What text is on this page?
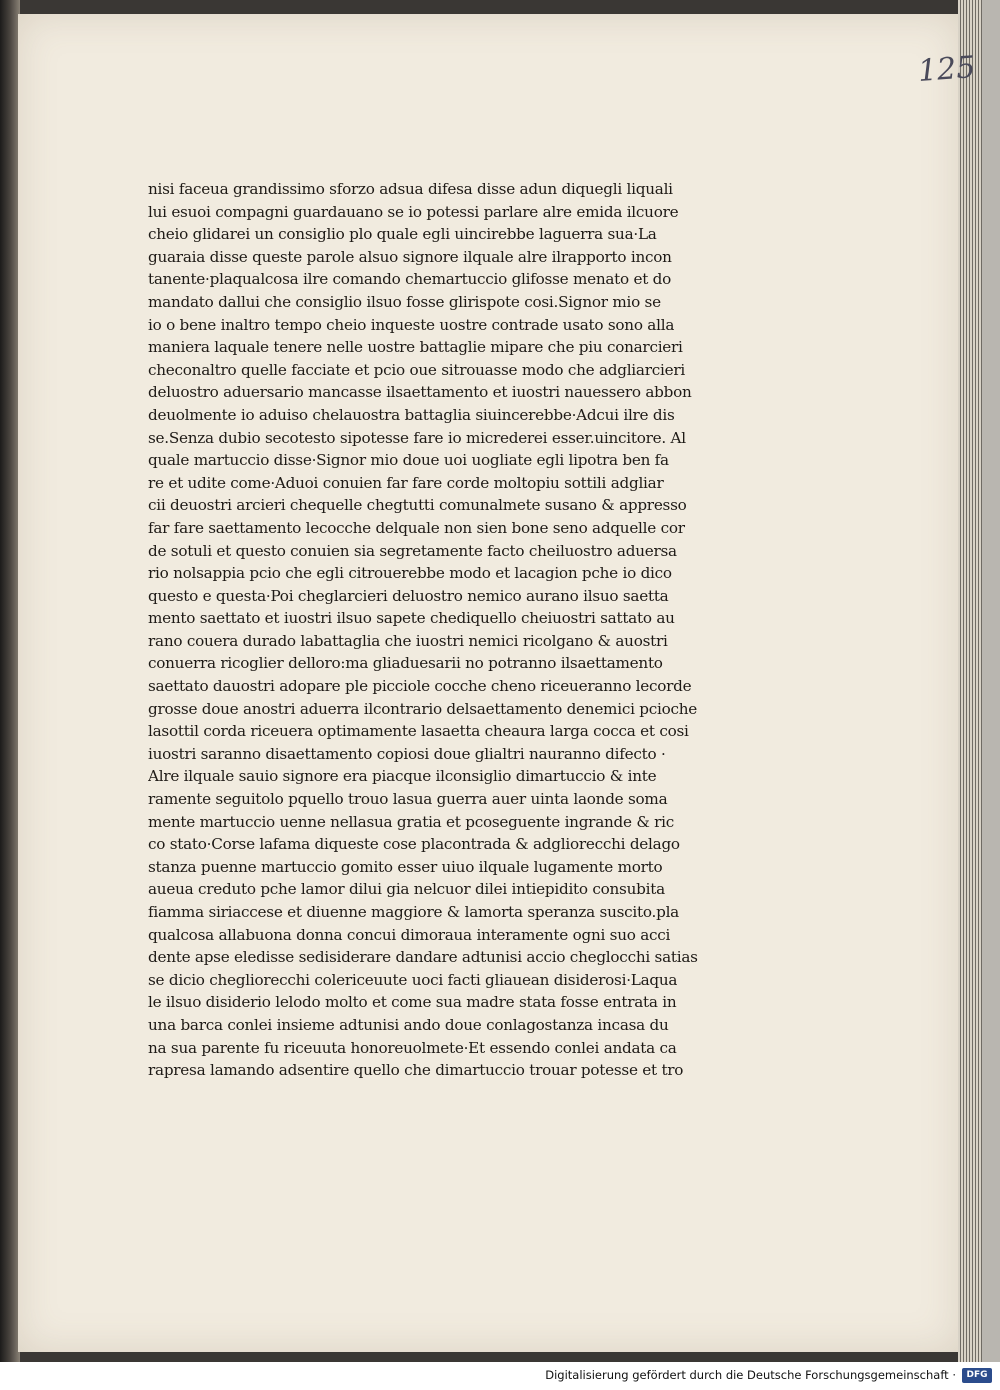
125
nisi faceua grandissimo sforzo adsua difesa disse adun diquegli liquali
lui esuoi compagni guardauano se io potessi parlare alre emida ilcuore
cheio glidarei un consiglio plo quale egli uincirebbe laguerra sua·La
guaraia disse queste parole alsuo signore ilquale alre ilrapporto incon
tanente·plaqualcosa ilre comando chemartuccio glifosse menato et do
mandato dallui che consiglio ilsuo fosse glirispote cosi.Signor mio se
io o bene inaltro tempo cheio inqueste uostre contrade usato sono alla
maniera laquale tenere nelle uostre battaglie mipare che piu conarcieri
checonaltro quelle facciate et pcio oue sitrouasse modo che adgliarcieri
deluostro aduersario mancasse ilsaettamento et iuostri nauessero abbon
deuolmente io aduiso chelauostra battaglia siuincerebbe·Adcui ilre dis
se.Senza dubio secotesto sipotesse fare io micrederei esser.uincitore. Al
quale martuccio disse·Signor mio doue uoi uogliate egli lipotra ben fa
re et udite come·Aduoi conuien far fare corde moltopiu sottili adgliar
cii deuostri arcieri chequelle chegtutti comunalmete susano & appresso
far fare saettamento lecocche delquale non sien bone seno adquelle cor
de sotuli et questo conuien sia segretamente facto cheiluostro aduersa
rio nolsappia pcio che egli citrouerebbe modo et lacagion pche io dico
questo e questa·Poi cheglarcieri deluostro nemico aurano ilsuo saetta
mento saettato et iuostri ilsuo sapete chediquello cheiuostri sattato au
rano couera durado labattaglia che iuostri nemici ricolgano & auostri
conuerra ricoglier delloro:ma gliaduesarii no potranno ilsaettamento
saettato dauostri adopare ple picciole cocche cheno riceueranno lecorde
grosse doue anostri aduerra ilcontrario delsaettamento denemici pcioche
lasottil corda riceuera optimamente lasaetta cheaura larga cocca et cosi
iuostri saranno disaettamento copiosi doue glialtri nauranno difecto ·
Alre ilquale sauio signore era piacque ilconsiglio dimartuccio & inte
ramente seguitolo pquello trouo lasua guerra auer uinta laonde soma
mente martuccio uenne nellasua gratia et pcoseguente ingrande & ric
co stato·Corse lafama diqueste cose placontrada & adgliorecchi delago
stanza puenne martuccio gomito esser uiuo ilquale lugamente morto
aueua creduto pche lamor dilui gia nelcuor dilei intiepidito consubita
fiamma siriaccese et diuenne maggiore & lamorta speranza suscito.pla
qualcosa allabuona donna concui dimoraua interamente ogni suo acci
dente apse eledisse sedisiderare dandare adtunisi accio cheglocchi satias
se dicio chegliorecchi colericeuute uoci facti gliauean disiderosi·Laqua
le ilsuo disiderio lelodo molto et come sua madre stata fosse entrata in
una barca conlei insieme adtunisi ando doue conlagostanza incasa du
na sua parente fu riceuuta honoreuolmete·Et essendo conlei andata ca
rapresa lamando adsentire quello che dimartuccio trouar potesse et tro
Digitalisierung gefördert durch die Deutsche Forschungsgemeinschaft ·	DFG
